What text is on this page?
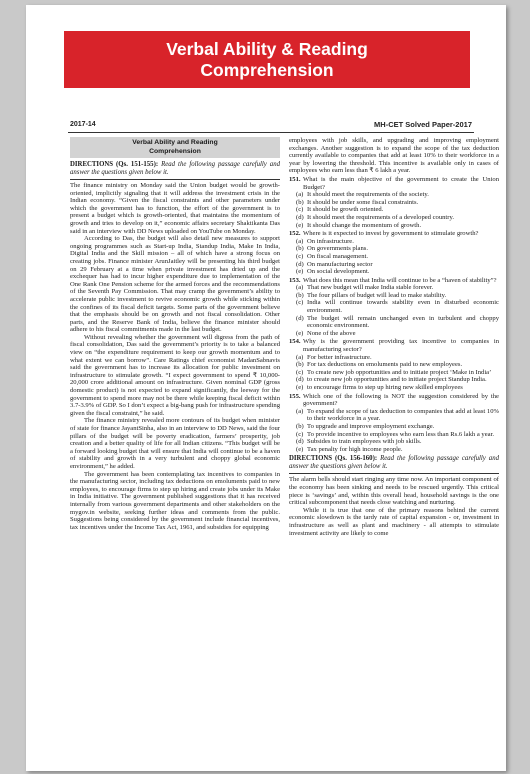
Verbal Ability & Reading
Comprehension
2017-14	MH-CET Solved Paper-2017
Verbal Ability and Reading
Comprehension
DIRECTIONS (Qs. 151-155): Read the following passage carefully and answer the questions given below it.

The finance ministry on Monday said the Union budget would be growth-oriented, implicitly signaling that it will address the investment crisis in the Indian economy. “Given the fiscal constraints and other parameters under which the government has to function, the effort of the government is to present a budget which is growth-oriented, that maintains the momentum of growth and tries to develop on it,” economic affairs secretary Shaktikanta Das said in an interview with DD News uploaded on YouTube on Monday.

According to Das, the budget will also detail new measures to support ongoing programmes such as Start-up India, Standup India, Make In India, Digital India and the Skill mission – all of which have a strong focus on creating jobs. Finance minister ArunJaitley will be presenting his third budget on 29 February at a time when private investment has dried up and the exchequer has had to incur higher expenditure due to implementation of the One Rank One Pension scheme for the armed forces and the recommendations of the Seventh Pay Commission. That may cramp the government’s ability to accelerate public investment to revive economic growth while sticking within the confines of its fiscal deficit targets. Some parts of the government believe that the emphasis should be on growth and not fiscal consolidation. Other parts, and the Reserve Bank of India, believe the finance minister should adhere to his fiscal commitments made in the last budget.

Without revealing whether the government will digress from the path of fiscal consolidation, Das said the government’s priority is to take a balanced view on “the expenditure requirement to keep our growth momentum and to what extent we can borrow”. Care Ratings chief economist MadanSabnavis said the government has to increase its allocation for public investment on infrastructure to stimulate growth. “I expect government to spend ₹ 10,000-20,000 crore additional amount on infrastructure. Given nominal GDP (gross domestic product) is not expected to expand significantly, the leeway for the government to spend more may not be there while keeping fiscal deficit within 3.7-3.9% of GDP. So I don’t expect a big-bang push for infrastructure spending given the fiscal constraint,” he said.

The finance ministry revealed more contours of its budget when minister of state for finance JayantSinha, also in an interview to DD News, said the four pillars of the budget will be poverty eradication, farmers’ prosperity, job creation and a better quality of life for all Indian citizens. “This budget will be a forward looking budget that will ensure that India will continue to be a haven of stability and growth in a very turbulent and choppy global economic environment,” he added.

The government has been contemplating tax incentives to companies in the manufacturing sector, including tax deductions on emoluments paid to new employees, to encourage firms to step up hiring and create jobs under its Make in India initiative. The government published suggestions that it has received internally from various government departments and other stakeholders on the mygov.in website, seeking further ideas and comments from the public. Suggestions being considered by the government include financial incentives, tax incentives under the Income Tax Act, 1961, and subsidies for equipping

employees with job skills, and upgrading and improving employment exchanges. Another suggestion is to expand the scope of the tax deduction currently available to companies that add at least 10% to their workforce in a year by lowering the threshold. This incentive is available only in cases of employees who earn less than ₹ 6 lakh a year.

151. What is the main objective of the government to create the Union Budget?
(a) It should meet the requirements of the society.
(b) It should be under some fiscal constraints.
(c) It should be growth oriented.
(d) It should meet the requirements of a developed country.
(e) It should change the momentum of growth.
152. Where is it expected to invest by government to stimulate growth?
(a) On infrastructure.
(b) On governments plans.
(c) On fiscal management.
(d) On manufacturing sector
(e) On social development.
153. What does this mean that India will continue to be a “haven of stability”?
(a) That new budget will make India stable forever.
(b) The four pillars of budget will lead to make stability.
(c) India will continue towards stability even in disturbed economic environment.
(d) The budget will remain unchanged even in turbulent and choppy economic environment.
(e) None of the above
154. Why is the government providing tax incentive to companies in manufacturing sector?
(a) For better infrastructure.
(b) For tax deductions on emoluments paid to new employees.
(c) To create new job opportunities and to initiate project ‘Make in India’
(d) to create new job opportunities and to initiate project Standup India.
(e) to encourage firms to step up hiring new skilled employees
155. Which one of the following is NOT the suggestion considered by the government?
(a) To expand the scope of tax deduction to companies that add at least 10% to their workforce in a year.
(b) To upgrade and improve employment exchange.
(c) To provide incentive to employees who earn less than Rs.6 lakh a year.
(d) Subsides to train employees with job skills.
(e) Tax penalty for high income people.
DIRECTIONS (Qs. 156-160): Read the following passage carefully and answer the questions given below it.

The alarm bells should start ringing any time now. An important component of the economy has been sinking and needs to be rescued urgently. This critical piece is ‘savings’ and, within this overall head, household savings is the one critical subcomponent that needs close watching and nurturing.

While it is true that one of the primary reasons behind the current economic slowdown is the tardy rate of capital expansion - or, investment in infrastructure as well as plant and machinery - all attempts to stimulate investment activity are likely to come
